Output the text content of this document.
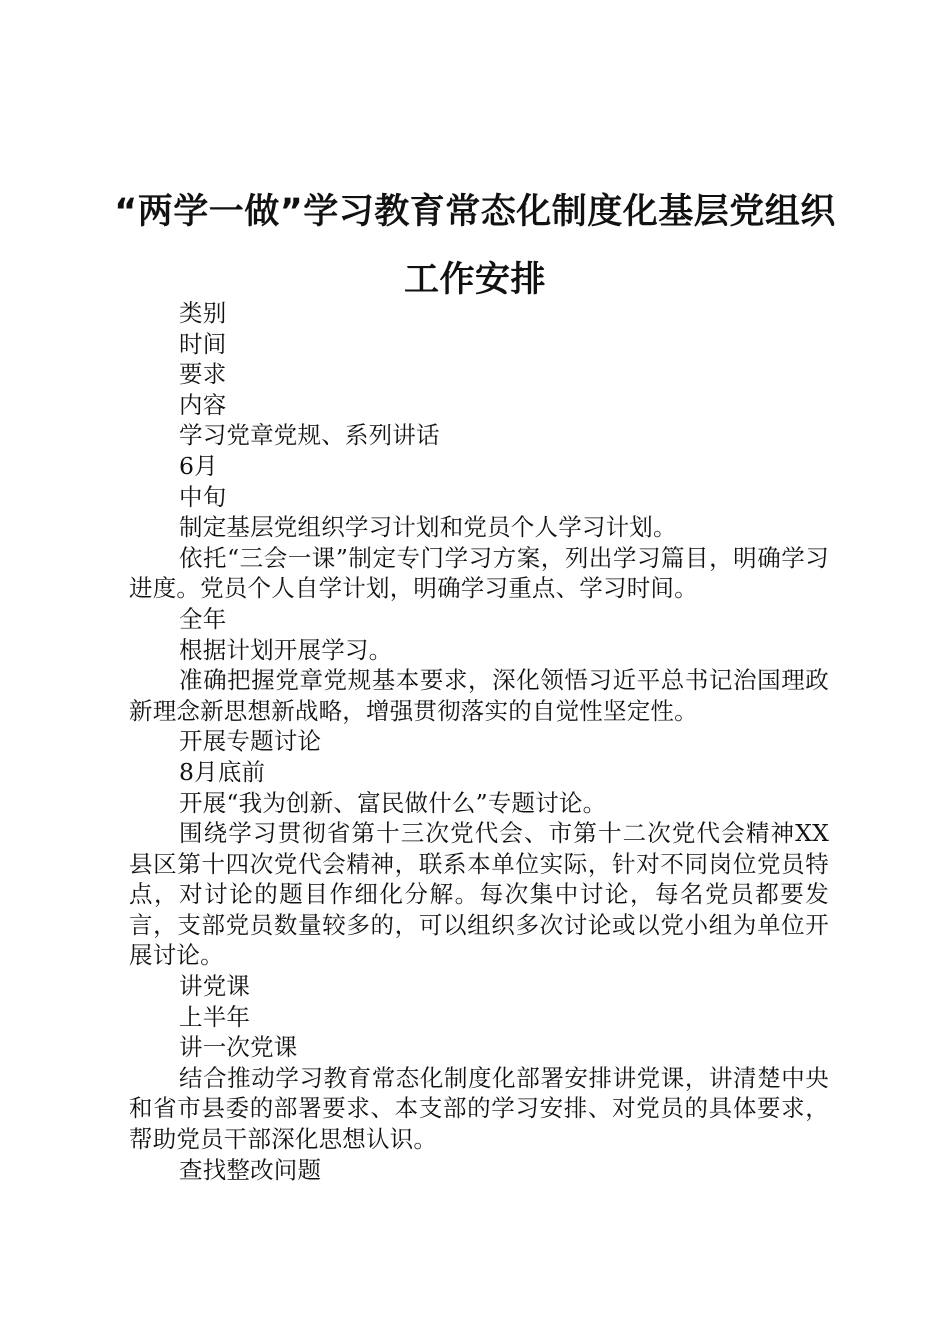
“两学一做”学习教育常态化制度化基层党组织工作安排

类别

时间

要求

内容

学习党章党规、系列讲话

6月

中旬

制定基层党组织学习计划和党员个人学习计划。

依托“三会一课”制定专门学习方案，列出学习篇目，明确学习进度。党员个人自学计划，明确学习重点、学习时间。

全年

根据计划开展学习。

准确把握党章党规基本要求，深化领悟习近平总书记治国理政新理念新思想新战略，增强贯彻落实的自觉性坚定性。

开展专题讨论

8月底前

开展“我为创新、富民做什么”专题讨论。

围绕学习贯彻省第十三次党代会、市第十二次党代会精神XX县区第十四次党代会精神，联系本单位实际，针对不同岗位党员特点，对讨论的题目作细化分解。每次集中讨论，每名党员都要发言，支部党员数量较多的，可以组织多次讨论或以党小组为单位开展讨论。

讲党课

上半年

讲一次党课

结合推动学习教育常态化制度化部署安排讲党课，讲清楚中央和省市县委的部署要求、本支部的学习安排、对党员的具体要求，帮助党员干部深化思想认识。

查找整改问题
